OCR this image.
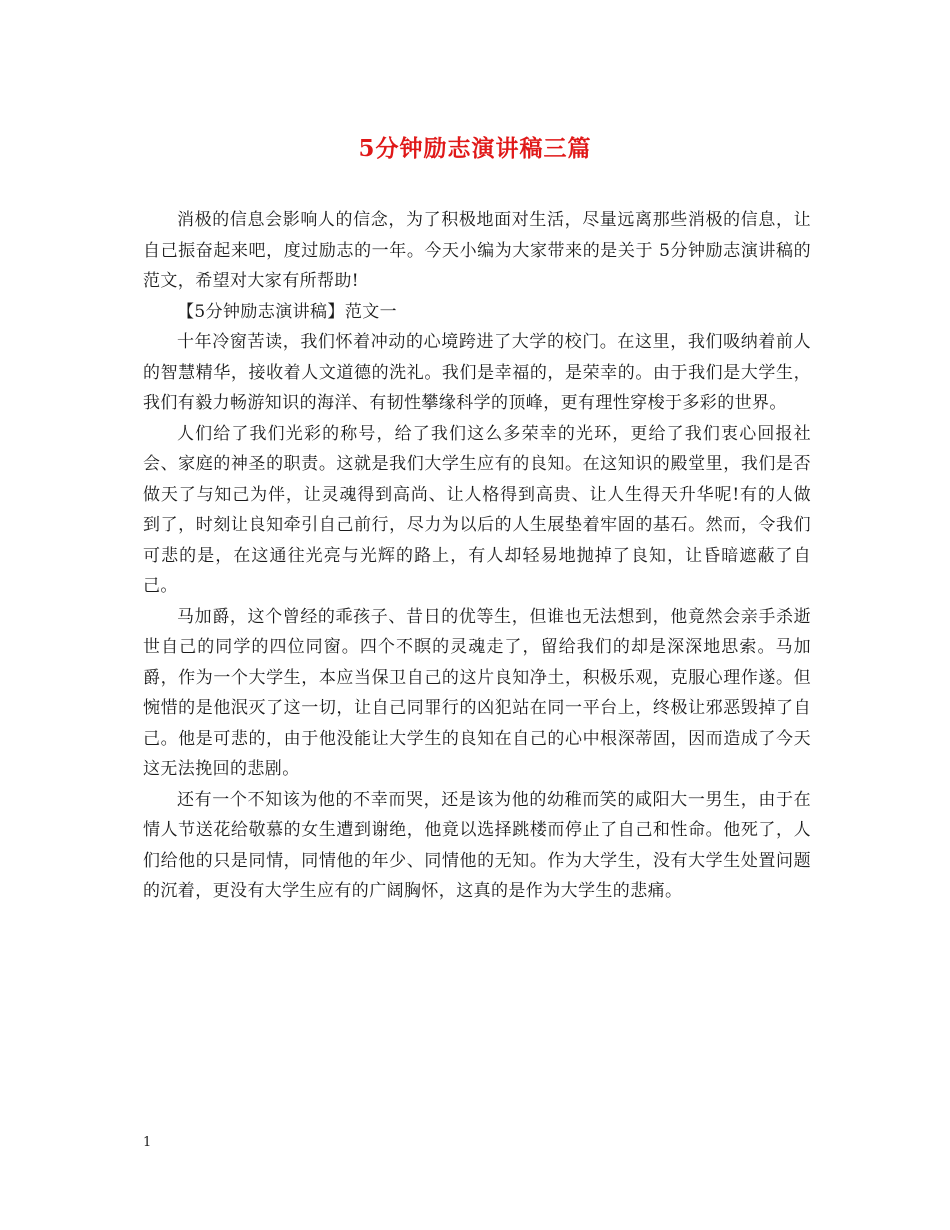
5分钟励志演讲稿三篇

消极的信息会影响人的信念，为了积极地面对生活，尽量远离那些消极的信息，让自己振奋起来吧，度过励志的一年。今天小编为大家带来的是关于 5分钟励志演讲稿的范文，希望对大家有所帮助!

【5分钟励志演讲稿】范文一

十年冷窗苦读，我们怀着冲动的心境跨进了大学的校门。在这里，我们吸纳着前人的智慧精华，接收着人文道德的洗礼。我们是幸福的，是荣幸的。由于我们是大学生，我们有毅力畅游知识的海洋、有韧性攀缘科学的顶峰，更有理性穿梭于多彩的世界。

人们给了我们光彩的称号，给了我们这么多荣幸的光环，更给了我们衷心回报社会、家庭的神圣的职责。这就是我们大学生应有的良知。在这知识的殿堂里，我们是否做天了与知己为伴，让灵魂得到高尚、让人格得到高贵、让人生得天升华呢!有的人做到了，时刻让良知牵引自己前行，尽力为以后的人生展垫着牢固的基石。然而，令我们可悲的是，在这通往光亮与光辉的路上，有人却轻易地抛掉了良知，让昏暗遮蔽了自己。

马加爵，这个曾经的乖孩子、昔日的优等生，但谁也无法想到，他竟然会亲手杀逝世自己的同学的四位同窗。四个不瞑的灵魂走了，留给我们的却是深深地思索。马加爵，作为一个大学生，本应当保卫自己的这片良知净土，积极乐观，克服心理作遂。但惋惜的是他泯灭了这一切，让自己同罪行的凶犯站在同一平台上，终极让邪恶毁掉了自己。他是可悲的，由于他没能让大学生的良知在自己的心中根深蒂固，因而造成了今天这无法挽回的悲剧。

还有一个不知该为他的不幸而哭，还是该为他的幼稚而笑的咸阳大一男生，由于在情人节送花给敬慕的女生遭到谢绝，他竟以选择跳楼而停止了自己和性命。他死了，人们给他的只是同情，同情他的年少、同情他的无知。作为大学生，没有大学生处置问题的沉着，更没有大学生应有的广阔胸怀，这真的是作为大学生的悲痛。

1
